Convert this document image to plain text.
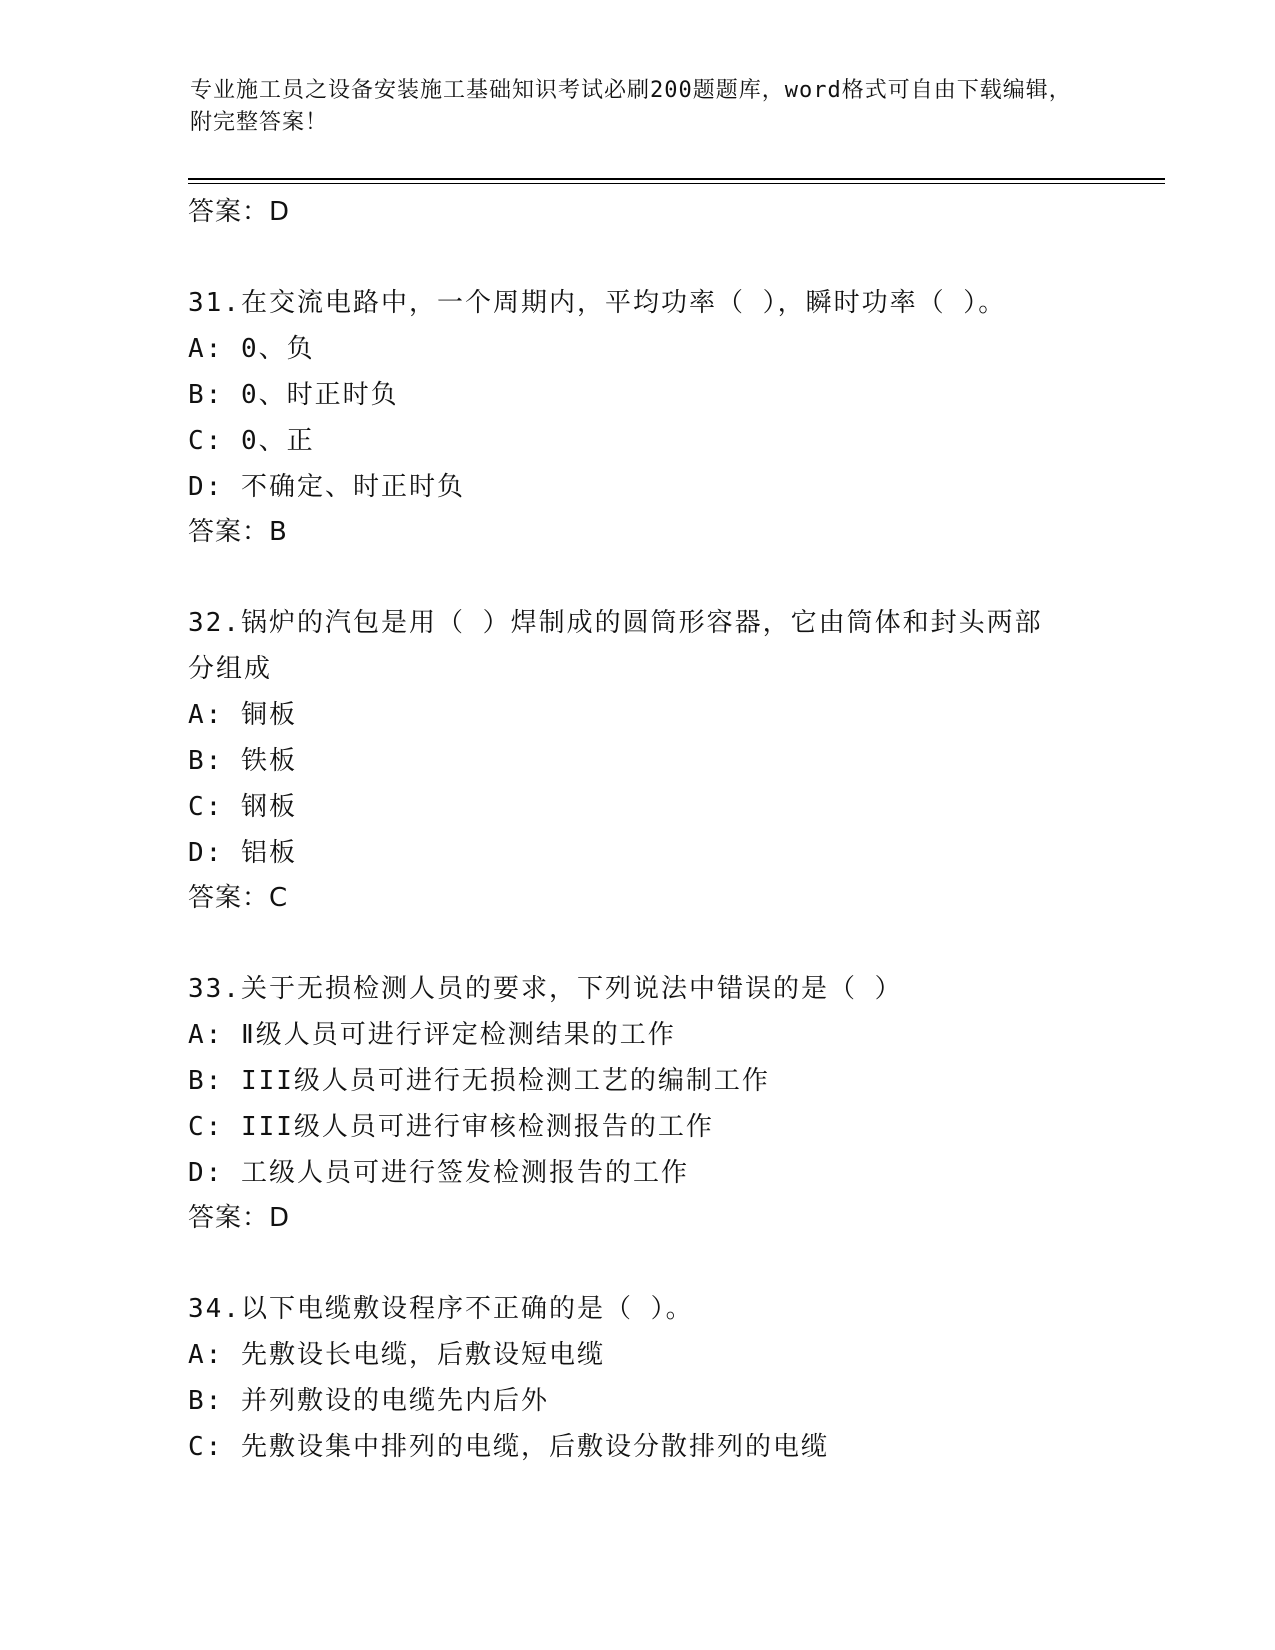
专业施工员之设备安装施工基础知识考试必刷200题题库，word格式可自由下载编辑，附完整答案！
答案：D
31.在交流电路中，一个周期内，平均功率（ ），瞬时功率（ ）。
A: 0、负
B: 0、时正时负
C: 0、正
D: 不确定、时正时负
答案：B
32.锅炉的汽包是用（ ）焊制成的圆筒形容器，它由筒体和封头两部分组成
A: 铜板
B: 铁板
C: 钢板
D: 铝板
答案：C
33.关于无损检测人员的要求，下列说法中错误的是（ ）
A: Ⅱ级人员可进行评定检测结果的工作
B: III级人员可进行无损检测工艺的编制工作
C: III级人员可进行审核检测报告的工作
D: 工级人员可进行签发检测报告的工作
答案：D
34.以下电缆敷设程序不正确的是（ ）。
A: 先敷设长电缆，后敷设短电缆
B: 并列敷设的电缆先内后外
C: 先敷设集中排列的电缆，后敷设分散排列的电缆
